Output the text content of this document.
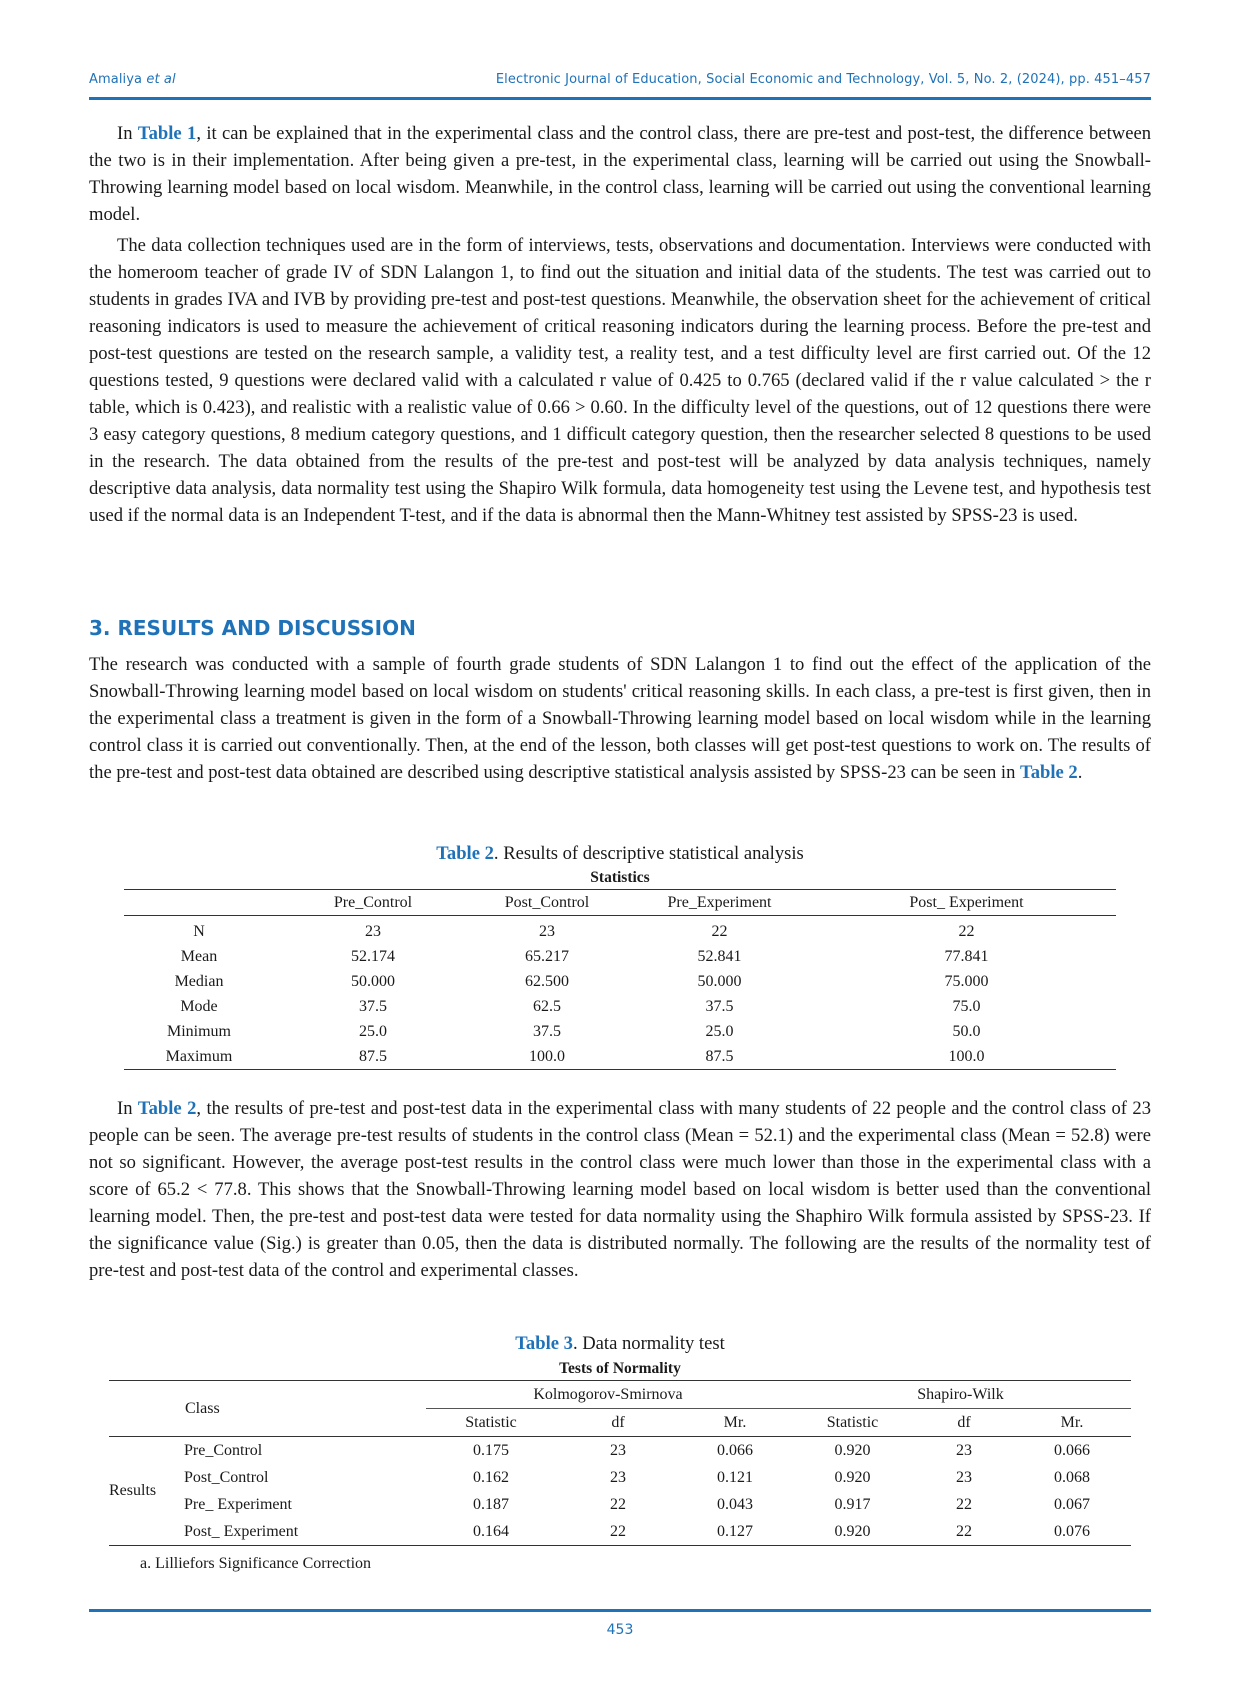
Amaliya et al	Electronic Journal of Education, Social Economic and Technology, Vol. 5, No. 2, (2024), pp. 451–457

In Table 1, it can be explained that in the experimental class and the control class, there are pre-test and post-test, the difference between the two is in their implementation. After being given a pre-test, in the experimental class, learning will be carried out using the Snowball-Throwing learning model based on local wisdom. Meanwhile, in the control class, learning will be carried out using the conventional learning model.

The data collection techniques used are in the form of interviews, tests, observations and documentation. Interviews were conducted with the homeroom teacher of grade IV of SDN Lalangon 1, to find out the situation and initial data of the students. The test was carried out to students in grades IVA and IVB by providing pre-test and post-test questions. Meanwhile, the observation sheet for the achievement of critical reasoning indicators is used to measure the achievement of critical reasoning indicators during the learning process. Before the pre-test and post-test questions are tested on the research sample, a validity test, a reality test, and a test difficulty level are first carried out. Of the 12 questions tested, 9 questions were declared valid with a calculated r value of 0.425 to 0.765 (declared valid if the r value calculated > the r table, which is 0.423), and realistic with a realistic value of 0.66 > 0.60. In the difficulty level of the questions, out of 12 questions there were 3 easy category questions, 8 medium category questions, and 1 difficult category question, then the researcher selected 8 questions to be used in the research. The data obtained from the results of the pre-test and post-test will be analyzed by data analysis techniques, namely descriptive data analysis, data normality test using the Shapiro Wilk formula, data homogeneity test using the Levene test, and hypothesis test used if the normal data is an Independent T-test, and if the data is abnormal then the Mann-Whitney test assisted by SPSS-23 is used.

3. RESULTS AND DISCUSSION

The research was conducted with a sample of fourth grade students of SDN Lalangon 1 to find out the effect of the application of the Snowball-Throwing learning model based on local wisdom on students' critical reasoning skills. In each class, a pre-test is first given, then in the experimental class a treatment is given in the form of a Snowball-Throwing learning model based on local wisdom while in the learning control class it is carried out conventionally. Then, at the end of the lesson, both classes will get post-test questions to work on. The results of the pre-test and post-test data obtained are described using descriptive statistical analysis assisted by SPSS-23 can be seen in Table 2.

Table 2. Results of descriptive statistical analysis
Statistics
	Pre_Control	Post_Control	Pre_Experiment	Post_ Experiment
N	23	23	22	22
Mean	52.174	65.217	52.841	77.841
Median	50.000	62.500	50.000	75.000
Mode	37.5	62.5	37.5	75.0
Minimum	25.0	37.5	25.0	50.0
Maximum	87.5	100.0	87.5	100.0

In Table 2, the results of pre-test and post-test data in the experimental class with many students of 22 people and the control class of 23 people can be seen. The average pre-test results of students in the control class (Mean = 52.1) and the experimental class (Mean = 52.8) were not so significant. However, the average post-test results in the control class were much lower than those in the experimental class with a score of 65.2 < 77.8. This shows that the Snowball-Throwing learning model based on local wisdom is better used than the conventional learning model. Then, the pre-test and post-test data were tested for data normality using the Shaphiro Wilk formula assisted by SPSS-23. If the significance value (Sig.) is greater than 0.05, then the data is distributed normally. The following are the results of the normality test of pre-test and post-test data of the control and experimental classes.

Table 3. Data normality test
Tests of Normality
Class		Kolmogorov-Smirnova			Shapiro-Wilk		
		Statistic	df	Mr.	Statistic	df	Mr.
Results	Pre_Control	0.175	23	0.066	0.920	23	0.066
	Post_Control	0.162	23	0.121	0.920	23	0.068
	Pre_ Experiment	0.187	22	0.043	0.917	22	0.067
	Post_ Experiment	0.164	22	0.127	0.920	22	0.076
a. Lilliefors Significance Correction
453
